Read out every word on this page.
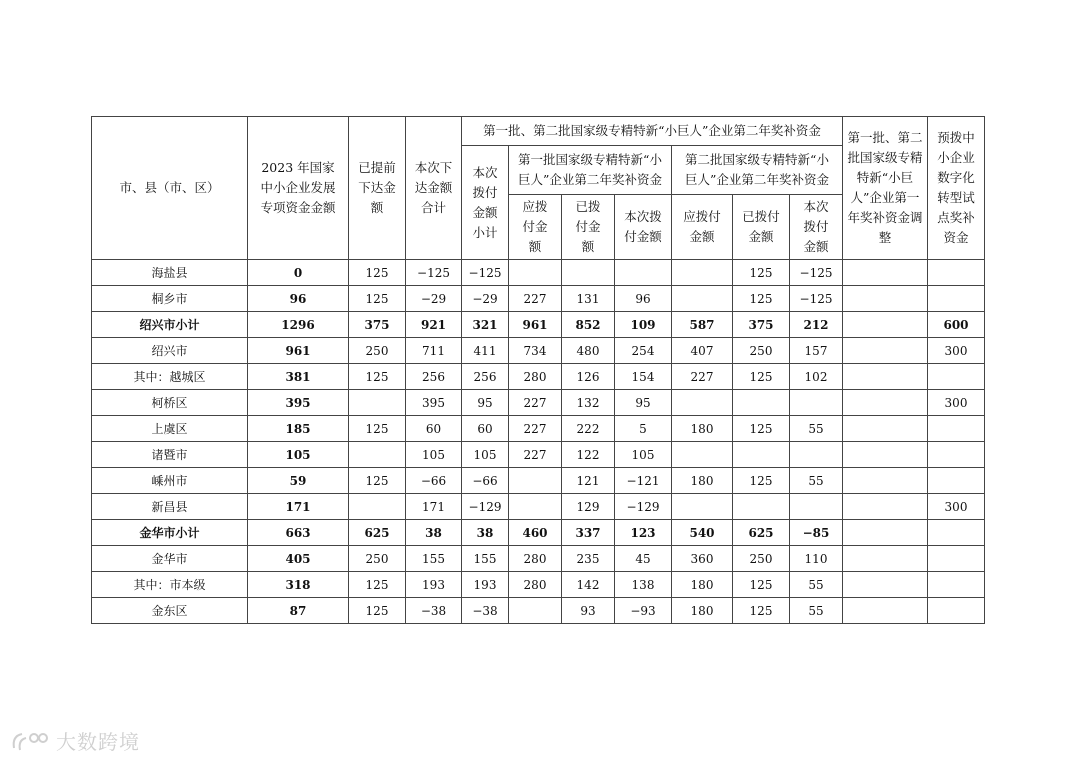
市、县（市、区）	2023 年国家中小企业发展专项资金金额	已提前下达金额	本次下达金额合计	第一批、第二批国家级专精特新“小巨人”企业第二年奖补资金							第一批、第二批国家级专精特新“小巨人”企业第一年奖补资金调整	预拨中小企业数字化转型试点奖补资金
				本次拨付金额小计	第一批国家级专精特新“小巨人”企业第二年奖补资金			第二批国家级专精特新“小巨人”企业第二年奖补资金				
					应拨付金额	已拨付金额	本次拨付金额	应拨付金额	已拨付金额	本次拨付金额		
海盐县	0	125	−125	−125					125	−125		
桐乡市	96	125	−29	−29	227	131	96		125	−125		
绍兴市小计	1296	375	921	321	961	852	109	587	375	212		600
绍兴市	961	250	711	411	734	480	254	407	250	157		300
其中：越城区	381	125	256	256	280	126	154	227	125	102		
柯桥区	395		395	95	227	132	95					300
上虞区	185	125	60	60	227	222	5	180	125	55		
诸暨市	105		105	105	227	122	105					
嵊州市	59	125	−66	−66		121	−121	180	125	55		
新昌县	171		171	−129		129	−129					300
金华市小计	663	625	38	38	460	337	123	540	625	−85		
金华市	405	250	155	155	280	235	45	360	250	110		
其中：市本级	318	125	193	193	280	142	138	180	125	55		
金东区	87	125	−38	−38		93	−93	180	125	55		
大数跨境
